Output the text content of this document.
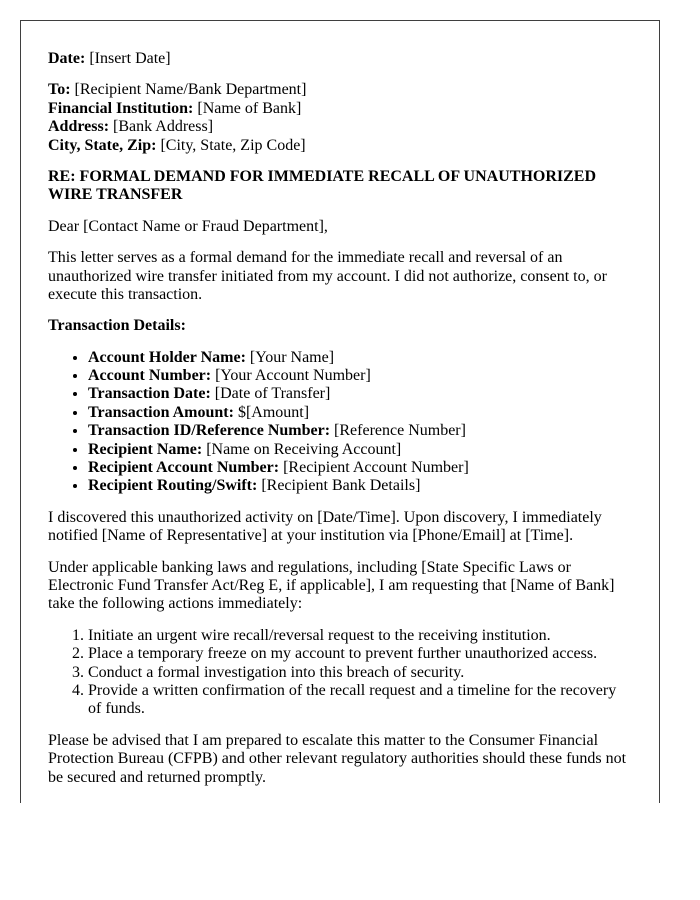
Date: [Insert Date]

To: [Recipient Name/Bank Department]
Financial Institution: [Name of Bank]
Address: [Bank Address]
City, State, Zip: [City, State, Zip Code]

RE: FORMAL DEMAND FOR IMMEDIATE RECALL OF UNAUTHORIZED WIRE TRANSFER

Dear [Contact Name or Fraud Department],

This letter serves as a formal demand for the immediate recall and reversal of an unauthorized wire transfer initiated from my account. I did not authorize, consent to, or execute this transaction.

Transaction Details:

• Account Holder Name: [Your Name]
• Account Number: [Your Account Number]
• Transaction Date: [Date of Transfer]
• Transaction Amount: $[Amount]
• Transaction ID/Reference Number: [Reference Number]
• Recipient Name: [Name on Receiving Account]
• Recipient Account Number: [Recipient Account Number]
• Recipient Routing/Swift: [Recipient Bank Details]

I discovered this unauthorized activity on [Date/Time]. Upon discovery, I immediately notified [Name of Representative] at your institution via [Phone/Email] at [Time].

Under applicable banking laws and regulations, including [State Specific Laws or Electronic Fund Transfer Act/Reg E, if applicable], I am requesting that [Name of Bank] take the following actions immediately:

1. Initiate an urgent wire recall/reversal request to the receiving institution.
2. Place a temporary freeze on my account to prevent further unauthorized access.
3. Conduct a formal investigation into this breach of security.
4. Provide a written confirmation of the recall request and a timeline for the recovery of funds.

Please be advised that I am prepared to escalate this matter to the Consumer Financial Protection Bureau (CFPB) and other relevant regulatory authorities should these funds not be secured and returned promptly.
